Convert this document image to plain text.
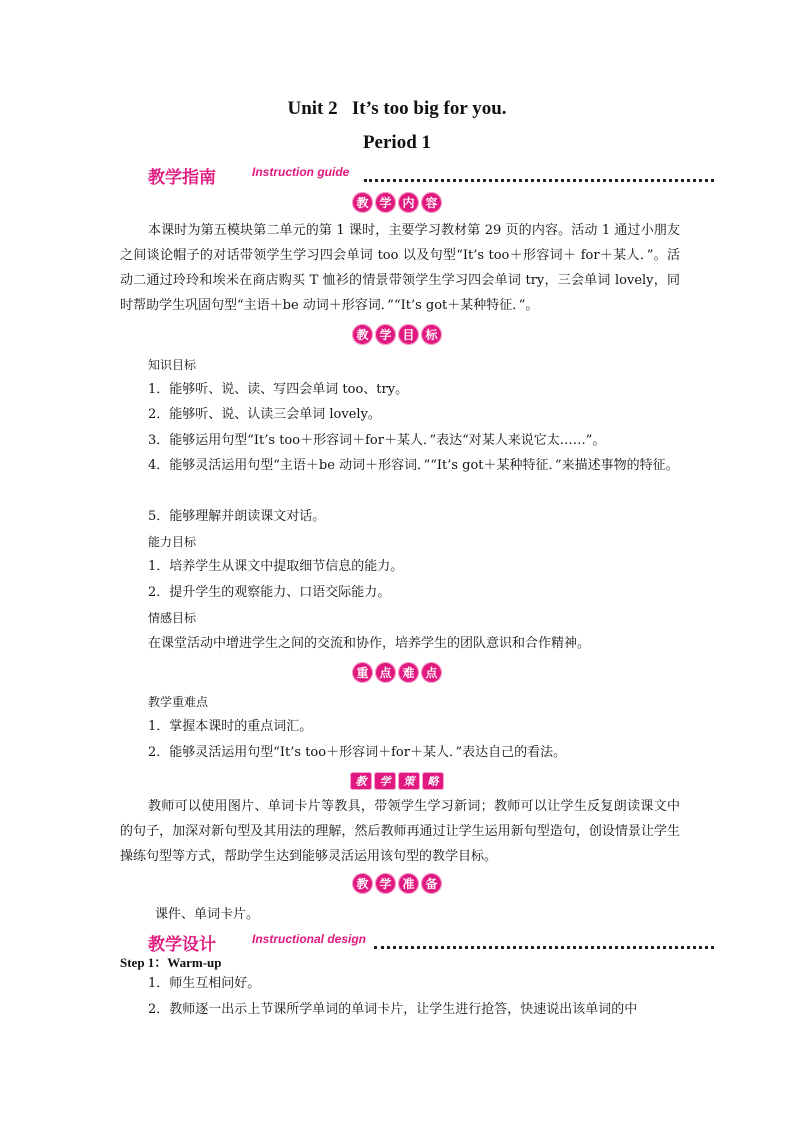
Unit 2   It’s too big for you.
Period 1
教学指南	Instruction guide
教 学 内 容
本课时为第五模块第二单元的第 1 课时，主要学习教材第 29 页的内容。活动 1 通过小朋友之间谈论帽子的对话带领学生学习四会单词 too 以及句型“It’s too＋形容词＋ for＋某人．”。活动二通过玲玲和埃米在商店购买 T 恤衫的情景带领学生学习四会单词 try，三会单词 lovely，同时帮助学生巩固句型“主语＋be 动词＋形容词．”“It’s got＋某种特征．”。
教 学 目 标
知识目标
1．能够听、说、读、写四会单词 too、try。
2．能够听、说、认读三会单词 lovely。
3．能够运用句型“It’s too＋形容词＋for＋某人．”表达“对某人来说它太……”。
4．能够灵活运用句型“主语＋be 动词＋形容词．”“It’s got＋某种特征．”来描述事物的特征。
5．能够理解并朗读课文对话。
能力目标
1．培养学生从课文中提取细节信息的能力。
2．提升学生的观察能力、口语交际能力。
情感目标
在课堂活动中增进学生之间的交流和协作，培养学生的团队意识和合作精神。
重 点 难 点
教学重难点
1．掌握本课时的重点词汇。
2．能够灵活运用句型“It’s too＋形容词＋for＋某人．”表达自己的看法。
教	学	策	略
教师可以使用图片、单词卡片等教具，带领学生学习新词；教师可以让学生反复朗读课文中的句子，加深对新句型及其用法的理解，然后教师再通过让学生运用新句型造句，创设情景让学生操练句型等方式，帮助学生达到能够灵活运用该句型的教学目标。
教 学 准 备
课件、单词卡片。
教学设计	Instructional design
Step 1：Warm-up
1．师生互相问好。
2．教师逐一出示上节课所学单词的单词卡片，让学生进行抢答，快速说出该单词的中
